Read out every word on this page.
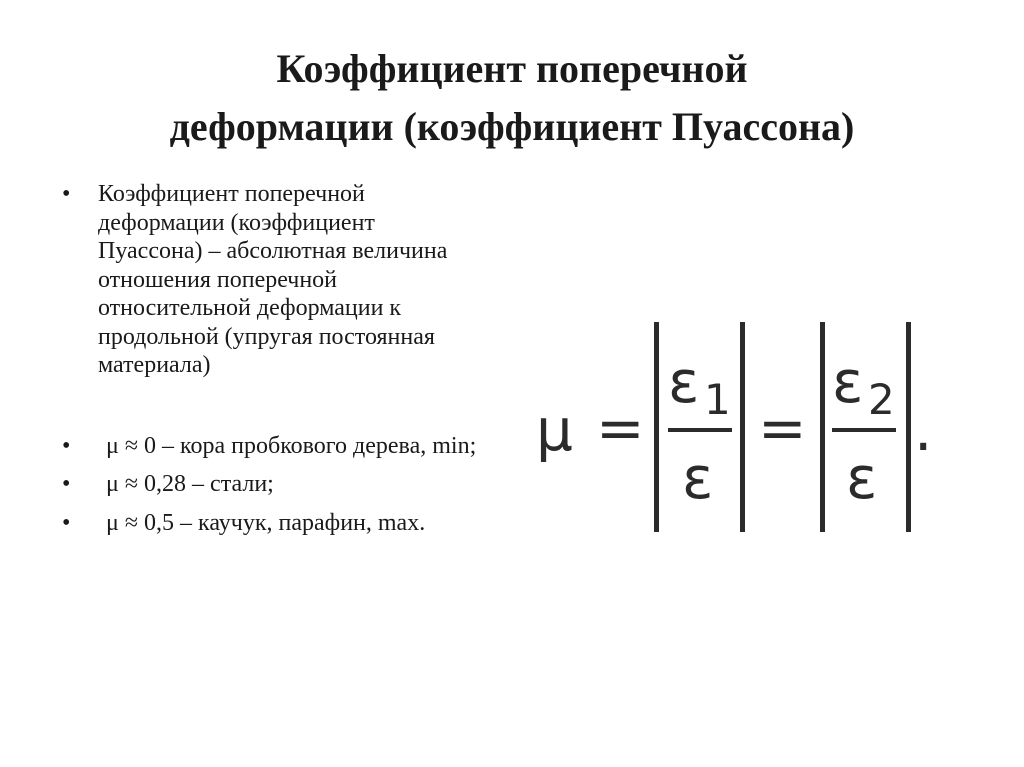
Коэффициент поперечной
деформации (коэффициент Пуассона)
•	Коэффициент поперечной деформации (коэффициент Пуассона) – абсолютная величина отношения поперечной относительной деформации к продольной (упругая постоянная материала)
•	μ ≈ 0 – кора пробкового дерева, min;
•	μ ≈ 0,28 – стали;
•	μ ≈ 0,5 – каучук, парафин, max.
μ =
ε 1
ε
=
ε 2
ε
.
